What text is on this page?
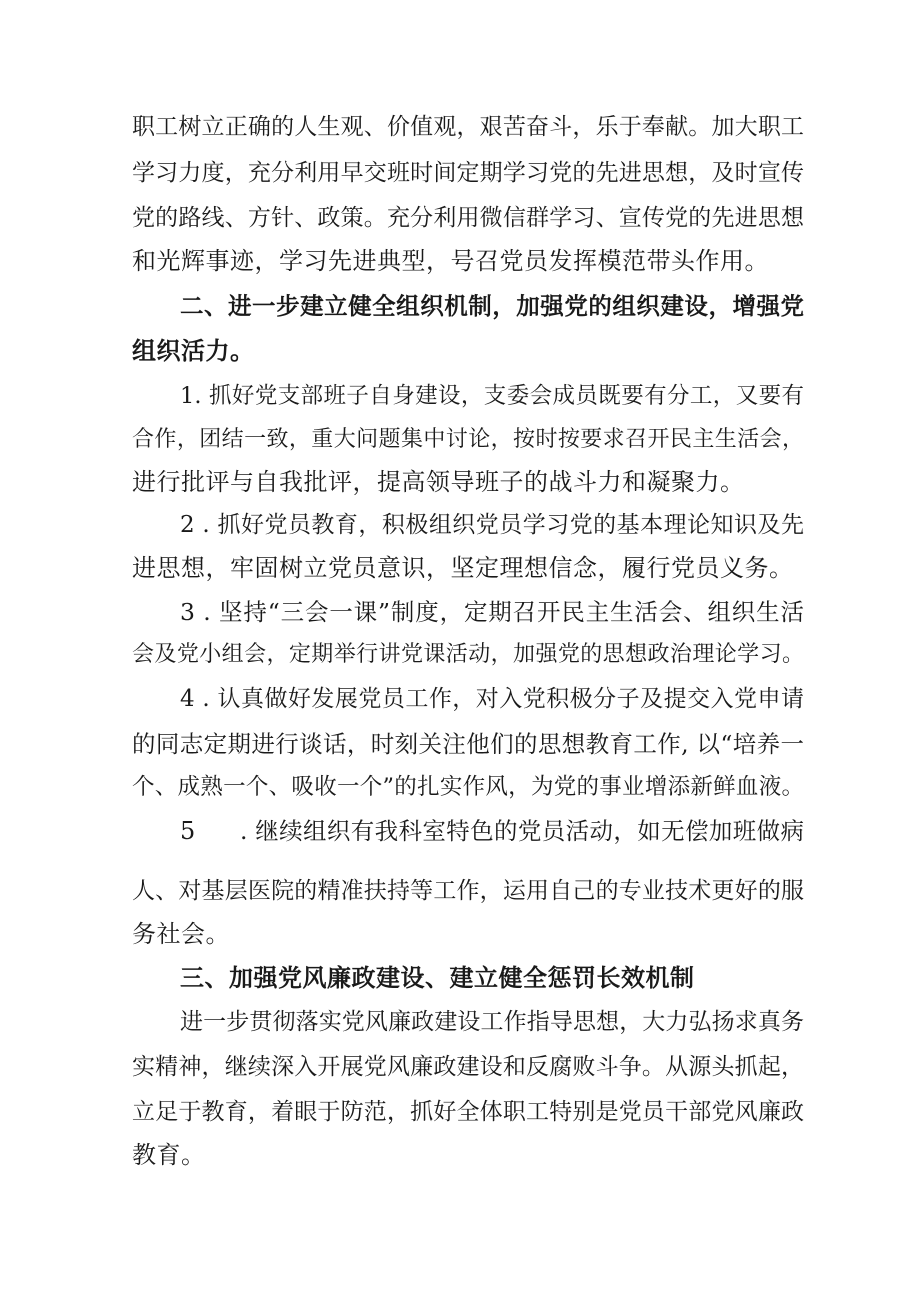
职工树立正确的人生观、价值观，艰苦奋斗，乐于奉献。加大职工
学习力度，充分利用早交班时间定期学习党的先进思想，及时宣传
党的路线、方针、政策。充分利用微信群学习、宣传党的先进思想
和光辉事迹，学习先进典型，号召党员发挥模范带头作用。
二、进一步建立健全组织机制，加强党的组织建设，增强党
组织活力。
1. 抓好党支部班子自身建设，支委会成员既要有分工，又要有
合作，团结一致，重大问题集中讨论，按时按要求召开民主生活会，
进行批评与自我批评，提高领导班子的战斗力和凝聚力。
2 . 抓好党员教育，积极组织党员学习党的基本理论知识及先
进思想，牢固树立党员意识，坚定理想信念，履行党员义务。
3 . 坚持“三会一课”制度，定期召开民主生活会、组织生活
会及党小组会，定期举行讲党课活动，加强党的思想政治理论学习。
4 . 认真做好发展党员工作，对入党积极分子及提交入党申请
的同志定期进行谈话，时刻关注他们的思想教育工作, 以“培养一
个、成熟一个、吸收一个”的扎实作风，为党的事业增添新鲜血液。
5	. 继续组织有我科室特色的党员活动，如无偿加班做病
人、对基层医院的精准扶持等工作，运用自己的专业技术更好的服
务社会。
三、加强党风廉政建设、建立健全惩罚长效机制
进一步贯彻落实党风廉政建设工作指导思想，大力弘扬求真务
实精神，继续深入开展党风廉政建设和反腐败斗争。从源头抓起，
立足于教育，着眼于防范，抓好全体职工特别是党员干部党风廉政
教育。
